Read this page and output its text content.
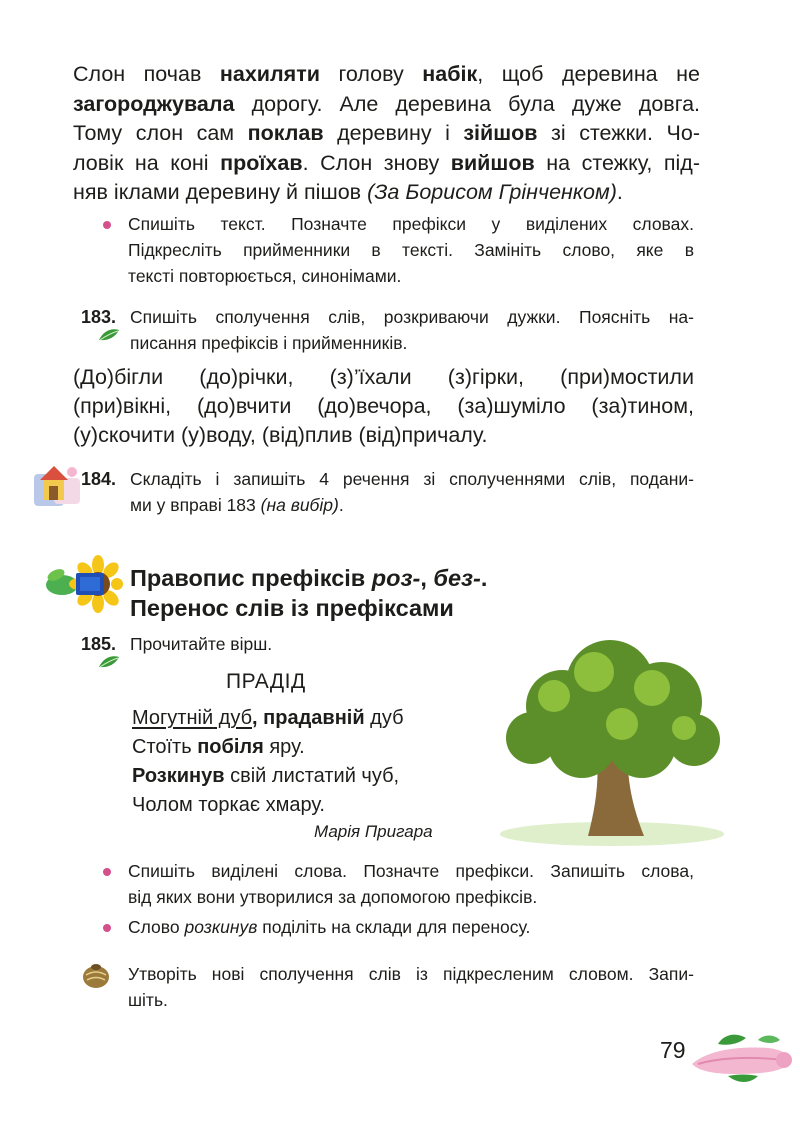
Слон почав нахиляти голову набік, щоб деревина не
загороджувала дорогу. Але деревина була дуже довга.
Тому слон сам поклав деревину і зійшов зі стежки. Чо-
ловік на коні проїхав. Слон знову вийшов на стежку, під-
няв іклами деревину й пішов (За Борисом Грінченком).
Спишіть текст. Позначте префікси у виділених словах.
Підкресліть прийменники в тексті. Замініть слово, яке в
тексті повторюється, синонімами.
183. Спишіть сполучення слів, розкриваючи дужки. Поясніть на-
писання префіксів і прийменників.
(До)бігли (до)річки, (з)’їхали (з)гірки, (при)мостили
(при)вікні, (до)вчити (до)вечора, (за)шуміло (за)тином,
(у)скочити (у)воду, (від)плив (від)причалу.
184. Складіть і запишіть 4 речення зі сполученнями слів, подани-
ми у вправі 183 (на вибір).
Правопис префіксів роз-, без-.
Перенос слів із префіксами
185. Прочитайте вірш.
ПРАДІД
Могутній дуб, прадавній дуб
Стоїть побіля яру.
Розкинув свій листатий чуб,
Чолом торкає хмару.
Марія Пригара
Спишіть виділені слова. Позначте префікси. Запишіть слова,
від яких вони утворилися за допомогою префіксів.
Слово розкинув поділіть на склади для переносу.
Утворіть нові сполучення слів із підкресленим словом. Запи-
шіть.
79
